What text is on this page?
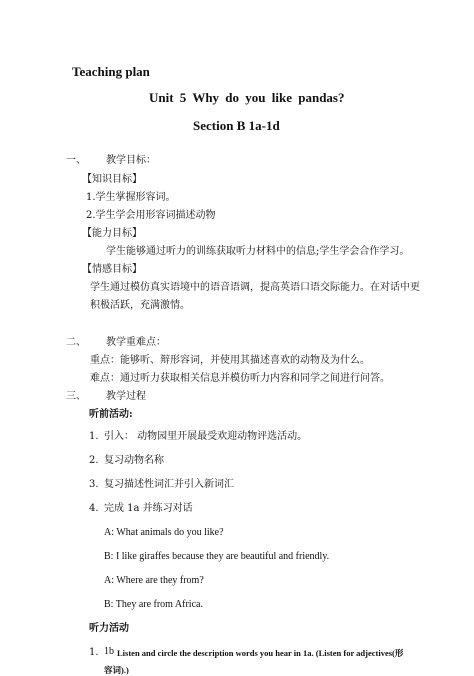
Teaching plan
Unit 5 Why do you like pandas?
Section B 1a-1d
一、 教学目标：
【知识目标】
1.学生掌握形容词。
2.学生学会用形容词描述动物
【能力目标】
学生能够通过听力的训练获取听力材料中的信息;学生学会合作学习。
【情感目标】
学生通过模仿真实语境中的语音语调，提高英语口语交际能力。在对话中更
积极活跃，充满激情。
二、 教学重难点：
重点：能够听、辩形容词，并使用其描述喜欢的动物及为什么。
难点：通过听力获取相关信息并模仿听力内容和同学之间进行问答。
三、 教学过程
听前活动:
1. 引入： 动物园里开展最受欢迎动物评选活动。
2. 复习动物名称
3. 复习描述性词汇并引入新词汇
4. 完成 1a 并练习对话
A: What animals do you like?
B: I like giraffes because they are beautiful and friendly.
A: Where are they from?
B: They are from Africa.
听力活动
1. 1b Listen and circle the description words you hear in 1a. (Listen for adjectives(形
容词).)
